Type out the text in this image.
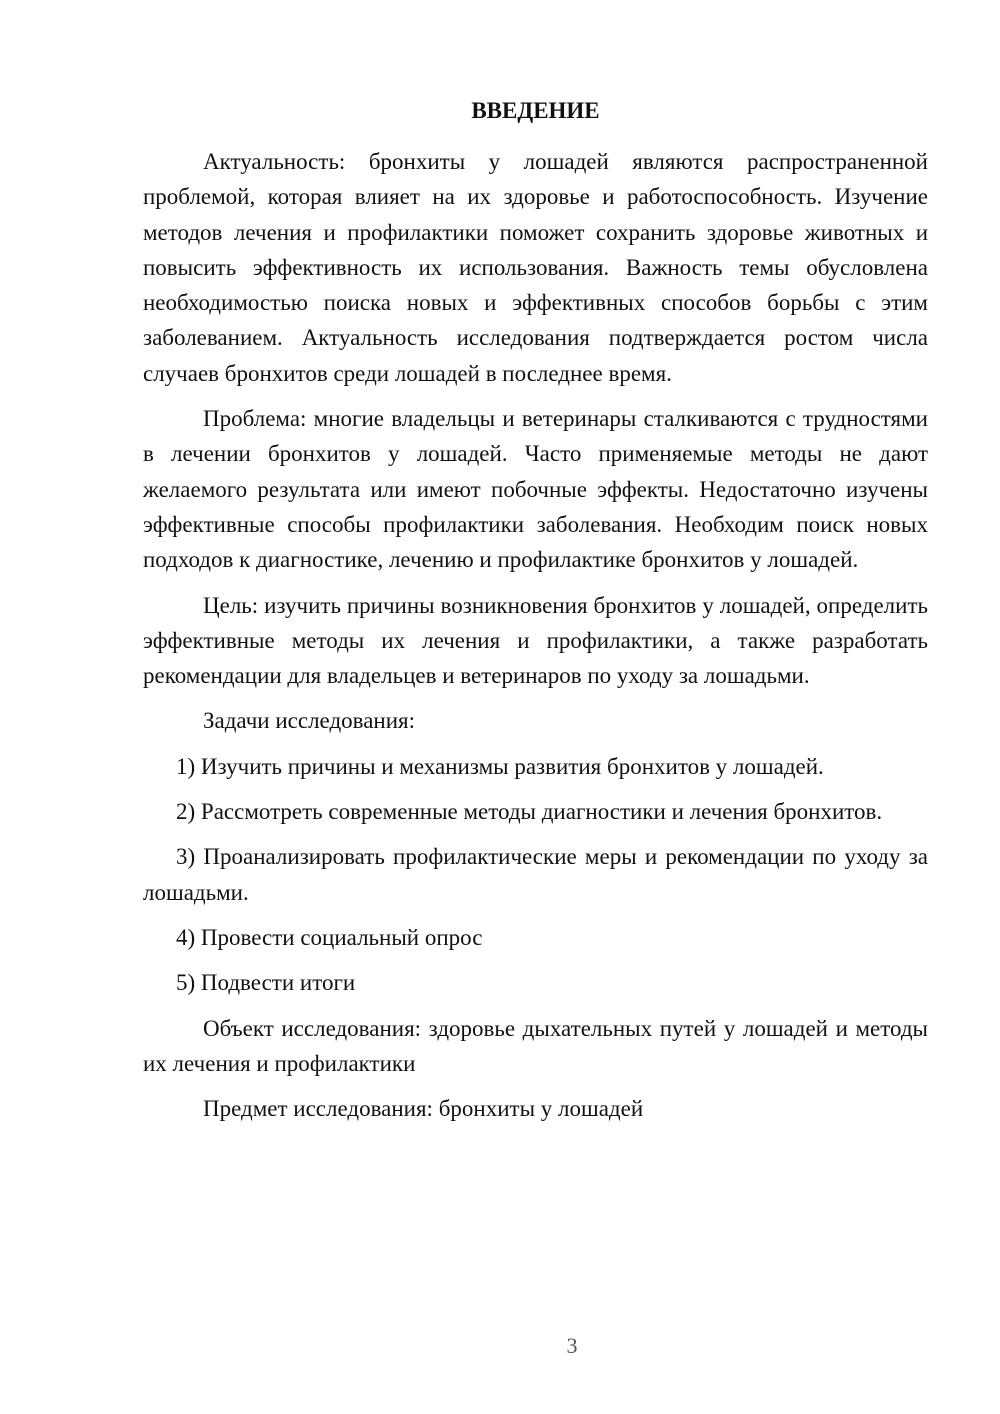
ВВЕДЕНИЕ

Актуальность: бронхиты у лошадей являются распространенной проблемой, которая влияет на их здоровье и работоспособность. Изучение методов лечения и профилактики поможет сохранить здоровье животных и повысить эффективность их использования. Важность темы обусловлена необходимостью поиска новых и эффективных способов борьбы с этим заболеванием. Актуальность исследования подтверждается ростом числа случаев бронхитов среди лошадей в последнее время.

Проблема: многие владельцы и ветеринары сталкиваются с трудностями в лечении бронхитов у лошадей. Часто применяемые методы не дают желаемого результата или имеют побочные эффекты. Недостаточно изучены эффективные способы профилактики заболевания. Необходим поиск новых подходов к диагностике, лечению и профилактике бронхитов у лошадей.

Цель: изучить причины возникновения бронхитов у лошадей, определить эффективные методы их лечения и профилактики, а также разработать рекомендации для владельцев и ветеринаров по уходу за лошадьми.

Задачи исследования:

1) Изучить причины и механизмы развития бронхитов у лошадей.

2) Рассмотреть современные методы диагностики и лечения бронхитов.

3) Проанализировать профилактические меры и рекомендации по уходу за лошадьми.

4) Провести социальный опрос

5) Подвести итоги

Объект исследования: здоровье дыхательных путей у лошадей и методы их лечения и профилактики

Предмет исследования: бронхиты у лошадей

3
